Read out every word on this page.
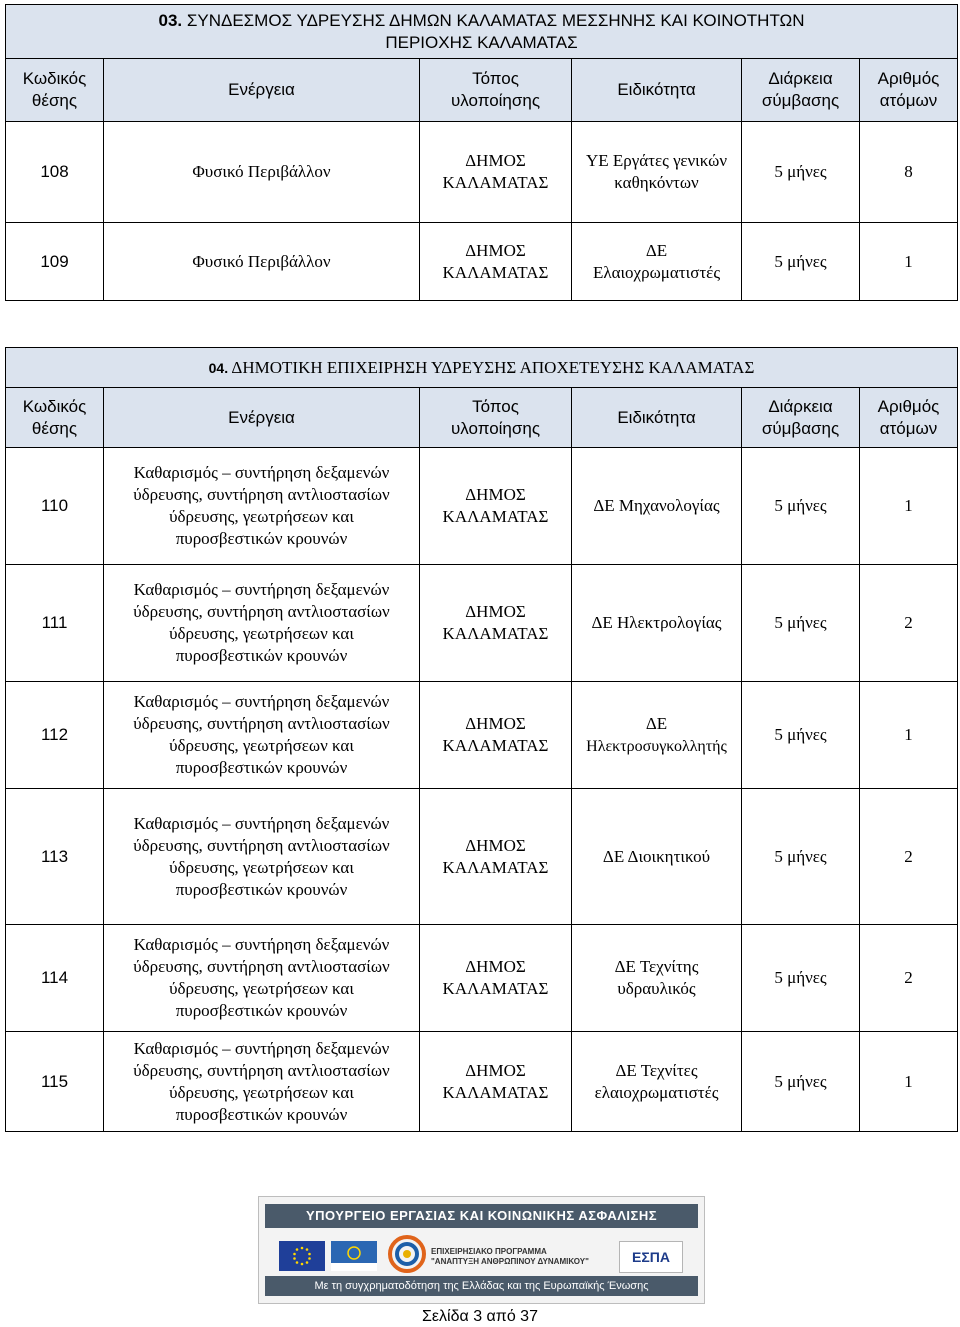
03. ΣΥΝΔΕΣΜΟΣ ΥΔΡΕΥΣΗΣ ΔΗΜΩΝ ΚΑΛΑΜΑΤΑΣ ΜΕΣΣΗΝΗΣ ΚΑΙ ΚΟΙΝΟΤΗΤΩΝ
ΠΕΡΙΟΧΗΣ ΚΑΛΑΜΑΤΑΣ					
Κωδικός
θέσης	Ενέργεια	Τόπος
υλοποίησης	Ειδικότητα	Διάρκεια
σύμβασης	Αριθμός
ατόμων
108	Φυσικό Περιβάλλον	ΔΗΜΟΣ
ΚΑΛΑΜΑΤΑΣ	ΥΕ Εργάτες γενικών
καθηκόντων	5 μήνες	8
109	Φυσικό Περιβάλλον	ΔΗΜΟΣ
ΚΑΛΑΜΑΤΑΣ	ΔΕ
Ελαιοχρωματιστές	5 μήνες	1
04. ΔΗΜΟΤΙΚΗ ΕΠΙΧΕΙΡΗΣΗ ΥΔΡΕΥΣΗΣ ΑΠΟΧΕΤΕΥΣΗΣ ΚΑΛΑΜΑΤΑΣ					
Κωδικός
θέσης	Ενέργεια	Τόπος
υλοποίησης	Ειδικότητα	Διάρκεια
σύμβασης	Αριθμός
ατόμων
110	Καθαρισμός – συντήρηση δεξαμενών
ύδρευσης, συντήρηση αντλιοστασίων
ύδρευσης, γεωτρήσεων και
πυροσβεστικών κρουνών	ΔΗΜΟΣ
ΚΑΛΑΜΑΤΑΣ	ΔΕ Μηχανολογίας	5 μήνες	1
111	Καθαρισμός – συντήρηση δεξαμενών
ύδρευσης, συντήρηση αντλιοστασίων
ύδρευσης, γεωτρήσεων και
πυροσβεστικών κρουνών	ΔΗΜΟΣ
ΚΑΛΑΜΑΤΑΣ	ΔΕ Ηλεκτρολογίας	5 μήνες	2
112	Καθαρισμός – συντήρηση δεξαμενών
ύδρευσης, συντήρηση αντλιοστασίων
ύδρευσης, γεωτρήσεων και
πυροσβεστικών κρουνών	ΔΗΜΟΣ
ΚΑΛΑΜΑΤΑΣ	ΔΕ
Ηλεκτροσυγκολλητής	5 μήνες	1
113	Καθαρισμός – συντήρηση δεξαμενών
ύδρευσης, συντήρηση αντλιοστασίων
ύδρευσης, γεωτρήσεων και
πυροσβεστικών κρουνών	ΔΗΜΟΣ
ΚΑΛΑΜΑΤΑΣ	ΔΕ Διοικητικού	5 μήνες	2
114	Καθαρισμός – συντήρηση δεξαμενών
ύδρευσης, συντήρηση αντλιοστασίων
ύδρευσης, γεωτρήσεων και
πυροσβεστικών κρουνών	ΔΗΜΟΣ
ΚΑΛΑΜΑΤΑΣ	ΔΕ Τεχνίτης
υδραυλικός	5 μήνες	2
115	Καθαρισμός – συντήρηση δεξαμενών
ύδρευσης, συντήρηση αντλιοστασίων
ύδρευσης, γεωτρήσεων και
πυροσβεστικών κρουνών	ΔΗΜΟΣ
ΚΑΛΑΜΑΤΑΣ	ΔΕ Τεχνίτες
ελαιοχρωματιστές	5 μήνες	1
ΥΠΟΥΡΓΕΙΟ ΕΡΓΑΣΙΑΣ ΚΑΙ ΚΟΙΝΩΝΙΚΗΣ ΑΣΦΑΛΙΣΗΣ
ΕΠΙΧΕΙΡΗΣΙΑΚΟ ΠΡΟΓΡΑΜΜΑ
"ΑΝΑΠΤΥΞΗ ΑΝΘΡΩΠΙΝΟΥ ΔΥΝΑΜΙΚΟΥ"	ΕΣΠΑ
Με τη συγχρηματοδότηση της Ελλάδας και της Ευρωπαϊκής Ένωσης
Σελίδα 3 από 37
